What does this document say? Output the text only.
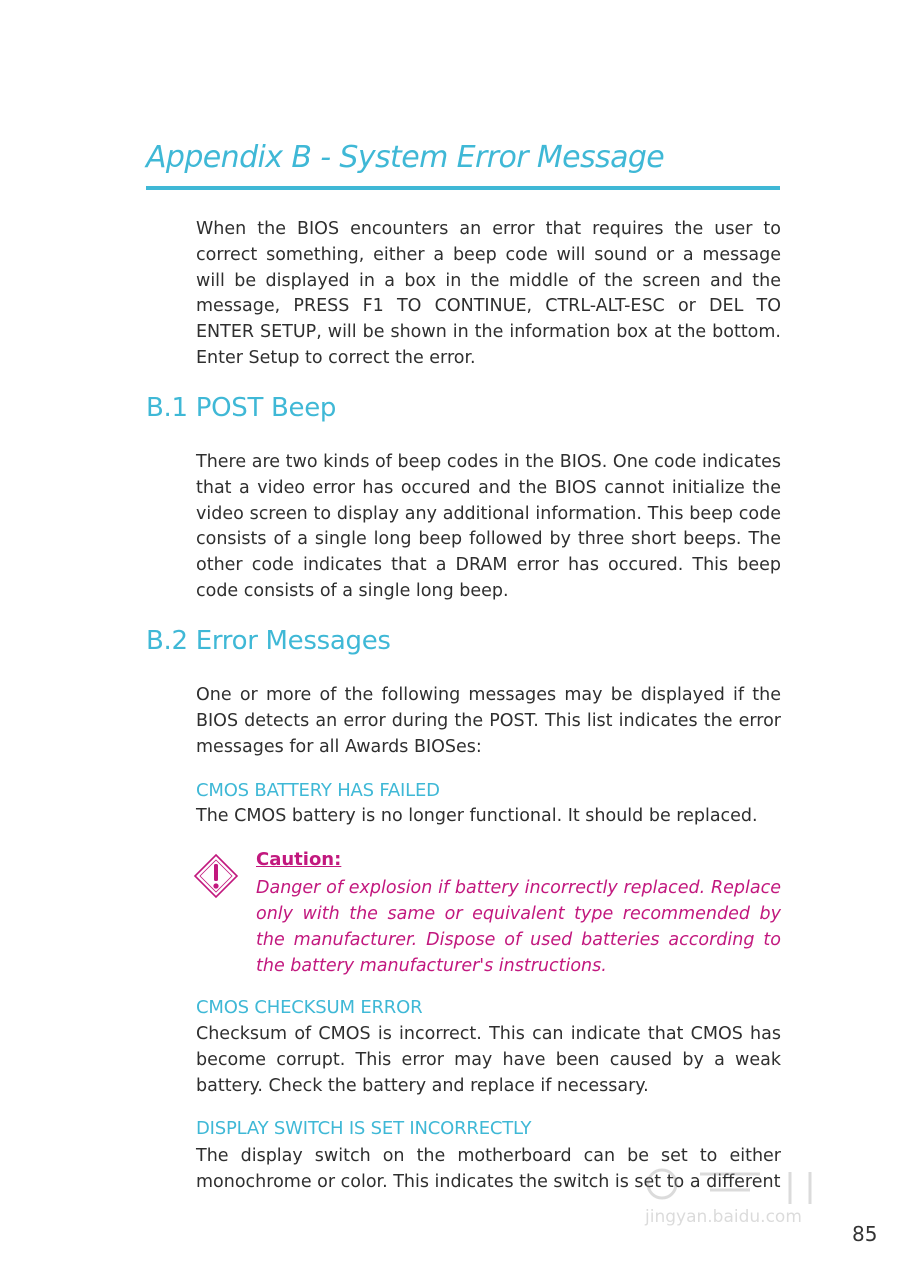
Appendix B - System Error Message

When the BIOS encounters an error that requires the user to correct something, either a beep code will sound or a message will be displayed in a box in the middle of the screen and the message, PRESS F1 TO CONTINUE, CTRL-ALT-ESC or DEL TO ENTER SETUP, will be shown in the information box at the bottom. Enter Setup to correct the error.

B.1 POST Beep

There are two kinds of beep codes in the BIOS. One code indicates that a video error has occured and the BIOS cannot initialize the video screen to display any additional information. This beep code consists of a single long beep followed by three short beeps. The other code indicates that a DRAM error has occured. This beep code consists of a single long beep.

B.2 Error Messages

One or more of the following messages may be displayed if the BIOS detects an error during the POST. This list indicates the error messages for all Awards BIOSes:

CMOS BATTERY HAS FAILED

The CMOS battery is no longer functional. It should be replaced.

Caution:

Danger of explosion if battery incorrectly replaced. Replace only with the same or equivalent type recommended by the manufacturer. Dispose of used batteries according to the battery manufacturer's instructions.

CMOS CHECKSUM ERROR

Checksum of CMOS is incorrect. This can indicate that CMOS has become corrupt. This error may have been caused by a weak battery. Check the battery and replace if necessary.

DISPLAY SWITCH IS SET INCORRECTLY

The display switch on the motherboard can be set to either monochrome or color. This indicates the switch is set to a different

jingyan.baidu.com
85
